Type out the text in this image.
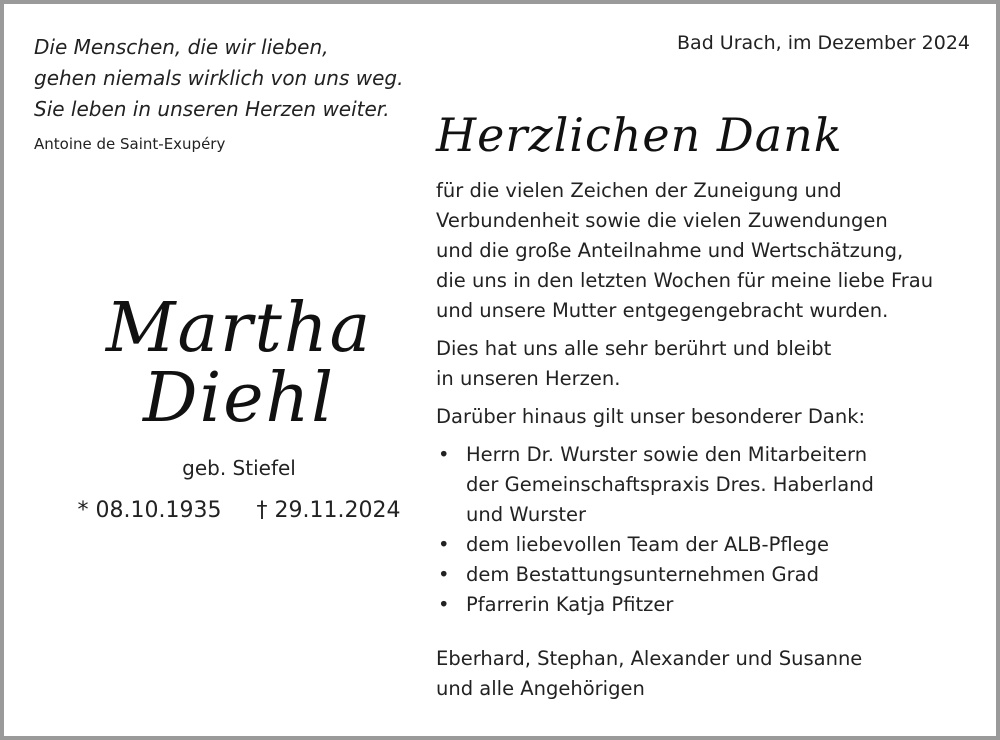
Die Menschen, die wir lieben,
gehen niemals wirklich von uns weg.
Sie leben in unseren Herzen weiter.
Antoine de Saint-Exupéry
Bad Urach, im Dezember 2024
Martha
Diehl
geb. Stiefel
* 08.10.1935 † 29.11.2024
Herzlichen Dank
für die vielen Zeichen der Zuneigung und
Verbundenheit sowie die vielen Zuwendungen
und die große Anteilnahme und Wertschätzung,
die uns in den letzten Wochen für meine liebe Frau
und unsere Mutter entgegengebracht wurden.
Dies hat uns alle sehr berührt und bleibt
in unseren Herzen.
Darüber hinaus gilt unser besonderer Dank:
• Herrn Dr. Wurster sowie den Mitarbeitern
der Gemeinschaftspraxis Dres. Haberland
und Wurster
• dem liebevollen Team der ALB-Pflege
• dem Bestattungsunternehmen Grad
• Pfarrerin Katja Pfitzer
Eberhard, Stephan, Alexander und Susanne
und alle Angehörigen
